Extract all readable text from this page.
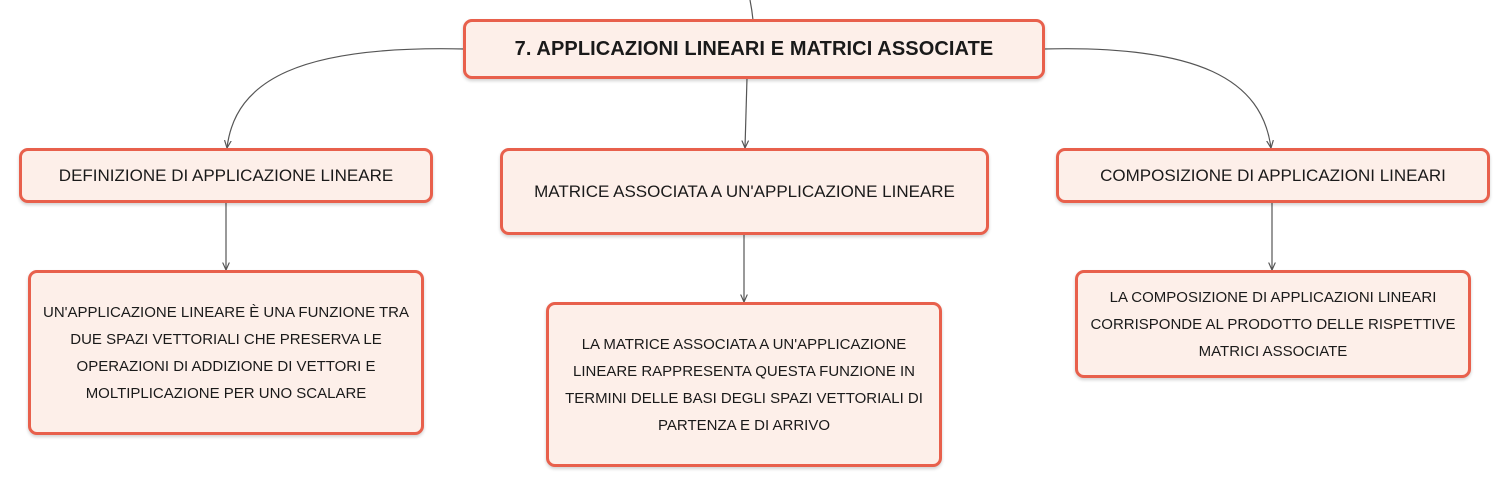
7. APPLICAZIONI LINEARI E MATRICI ASSOCIATE
DEFINIZIONE DI APPLICAZIONE LINEARE
MATRICE ASSOCIATA A UN'APPLICAZIONE LINEARE
COMPOSIZIONE DI APPLICAZIONI LINEARI
UN'APPLICAZIONE LINEARE È UNA FUNZIONE TRA DUE SPAZI VETTORIALI CHE PRESERVA LE OPERAZIONI DI ADDIZIONE DI VETTORI E MOLTIPLICAZIONE PER UNO SCALARE
LA MATRICE ASSOCIATA A UN'APPLICAZIONE LINEARE RAPPRESENTA QUESTA FUNZIONE IN TERMINI DELLE BASI DEGLI SPAZI VETTORIALI DI PARTENZA E DI ARRIVO
LA COMPOSIZIONE DI APPLICAZIONI LINEARI CORRISPONDE AL PRODOTTO DELLE RISPETTIVE MATRICI ASSOCIATE
